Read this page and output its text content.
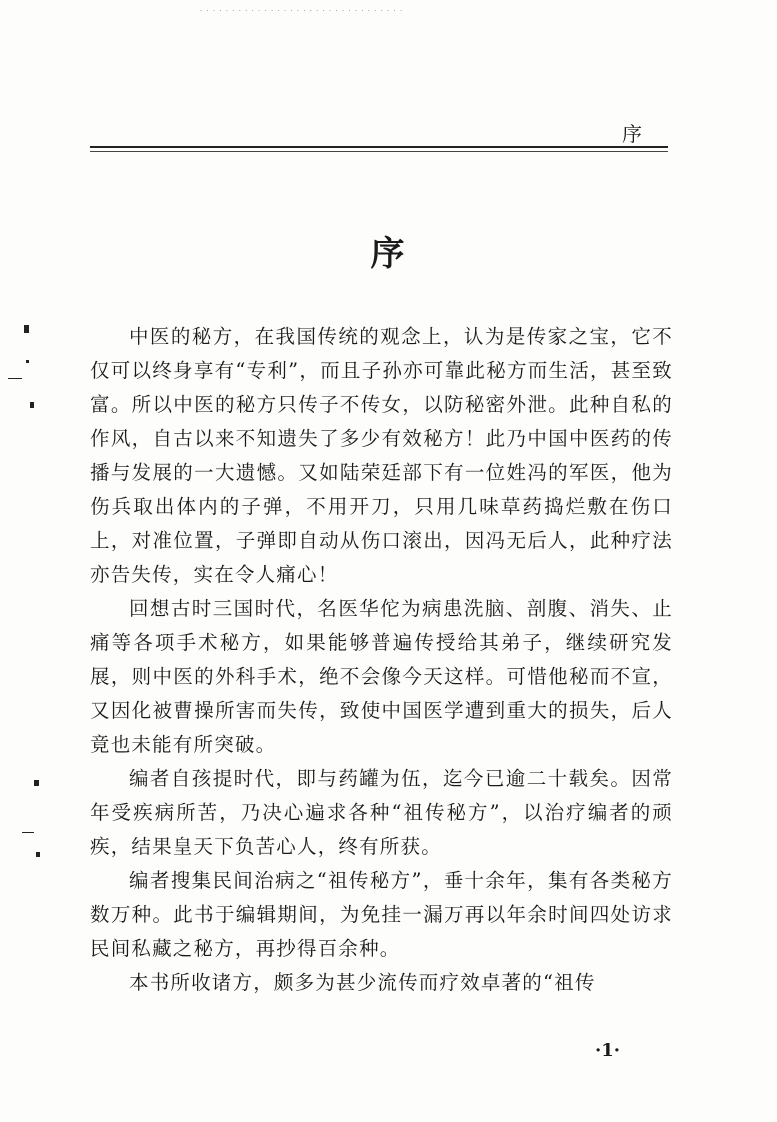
· · · · · · · · · · · · · · · · · · · · · · · · · · · · · · · ·
序
序

中医的秘方，在我国传统的观念上，认为是传家之宝，它不仅可以终身享有“专利”，而且子孙亦可靠此秘方而生活，甚至致富。所以中医的秘方只传子不传女，以防秘密外泄。此种自私的作风，自古以来不知遗失了多少有效秘方！此乃中国中医药的传播与发展的一大遗憾。又如陆荣廷部下有一位姓冯的军医，他为伤兵取出体内的子弹，不用开刀，只用几味草药捣烂敷在伤口上，对准位置，子弹即自动从伤口滚出，因冯无后人，此种疗法亦告失传，实在令人痛心！

回想古时三国时代，名医华佗为病患洗脑、剖腹、消失、止痛等各项手术秘方，如果能够普遍传授给其弟子，继续研究发展，则中医的外科手术，绝不会像今天这样。可惜他秘而不宣，又因化被曹操所害而失传，致使中国医学遭到重大的损失，后人竟也未能有所突破。

编者自孩提时代，即与药罐为伍，迄今已逾二十载矣。因常年受疾病所苦，乃决心遍求各种“祖传秘方”，以治疗编者的顽疾，结果皇天下负苦心人，终有所获。

编者搜集民间治病之“祖传秘方”，垂十余年，集有各类秘方数万种。此书于编辑期间，为免挂一漏万再以年余时间四处访求民间私藏之秘方，再抄得百余种。

本书所收诸方，颇多为甚少流传而疗效卓著的“祖传

·1·
